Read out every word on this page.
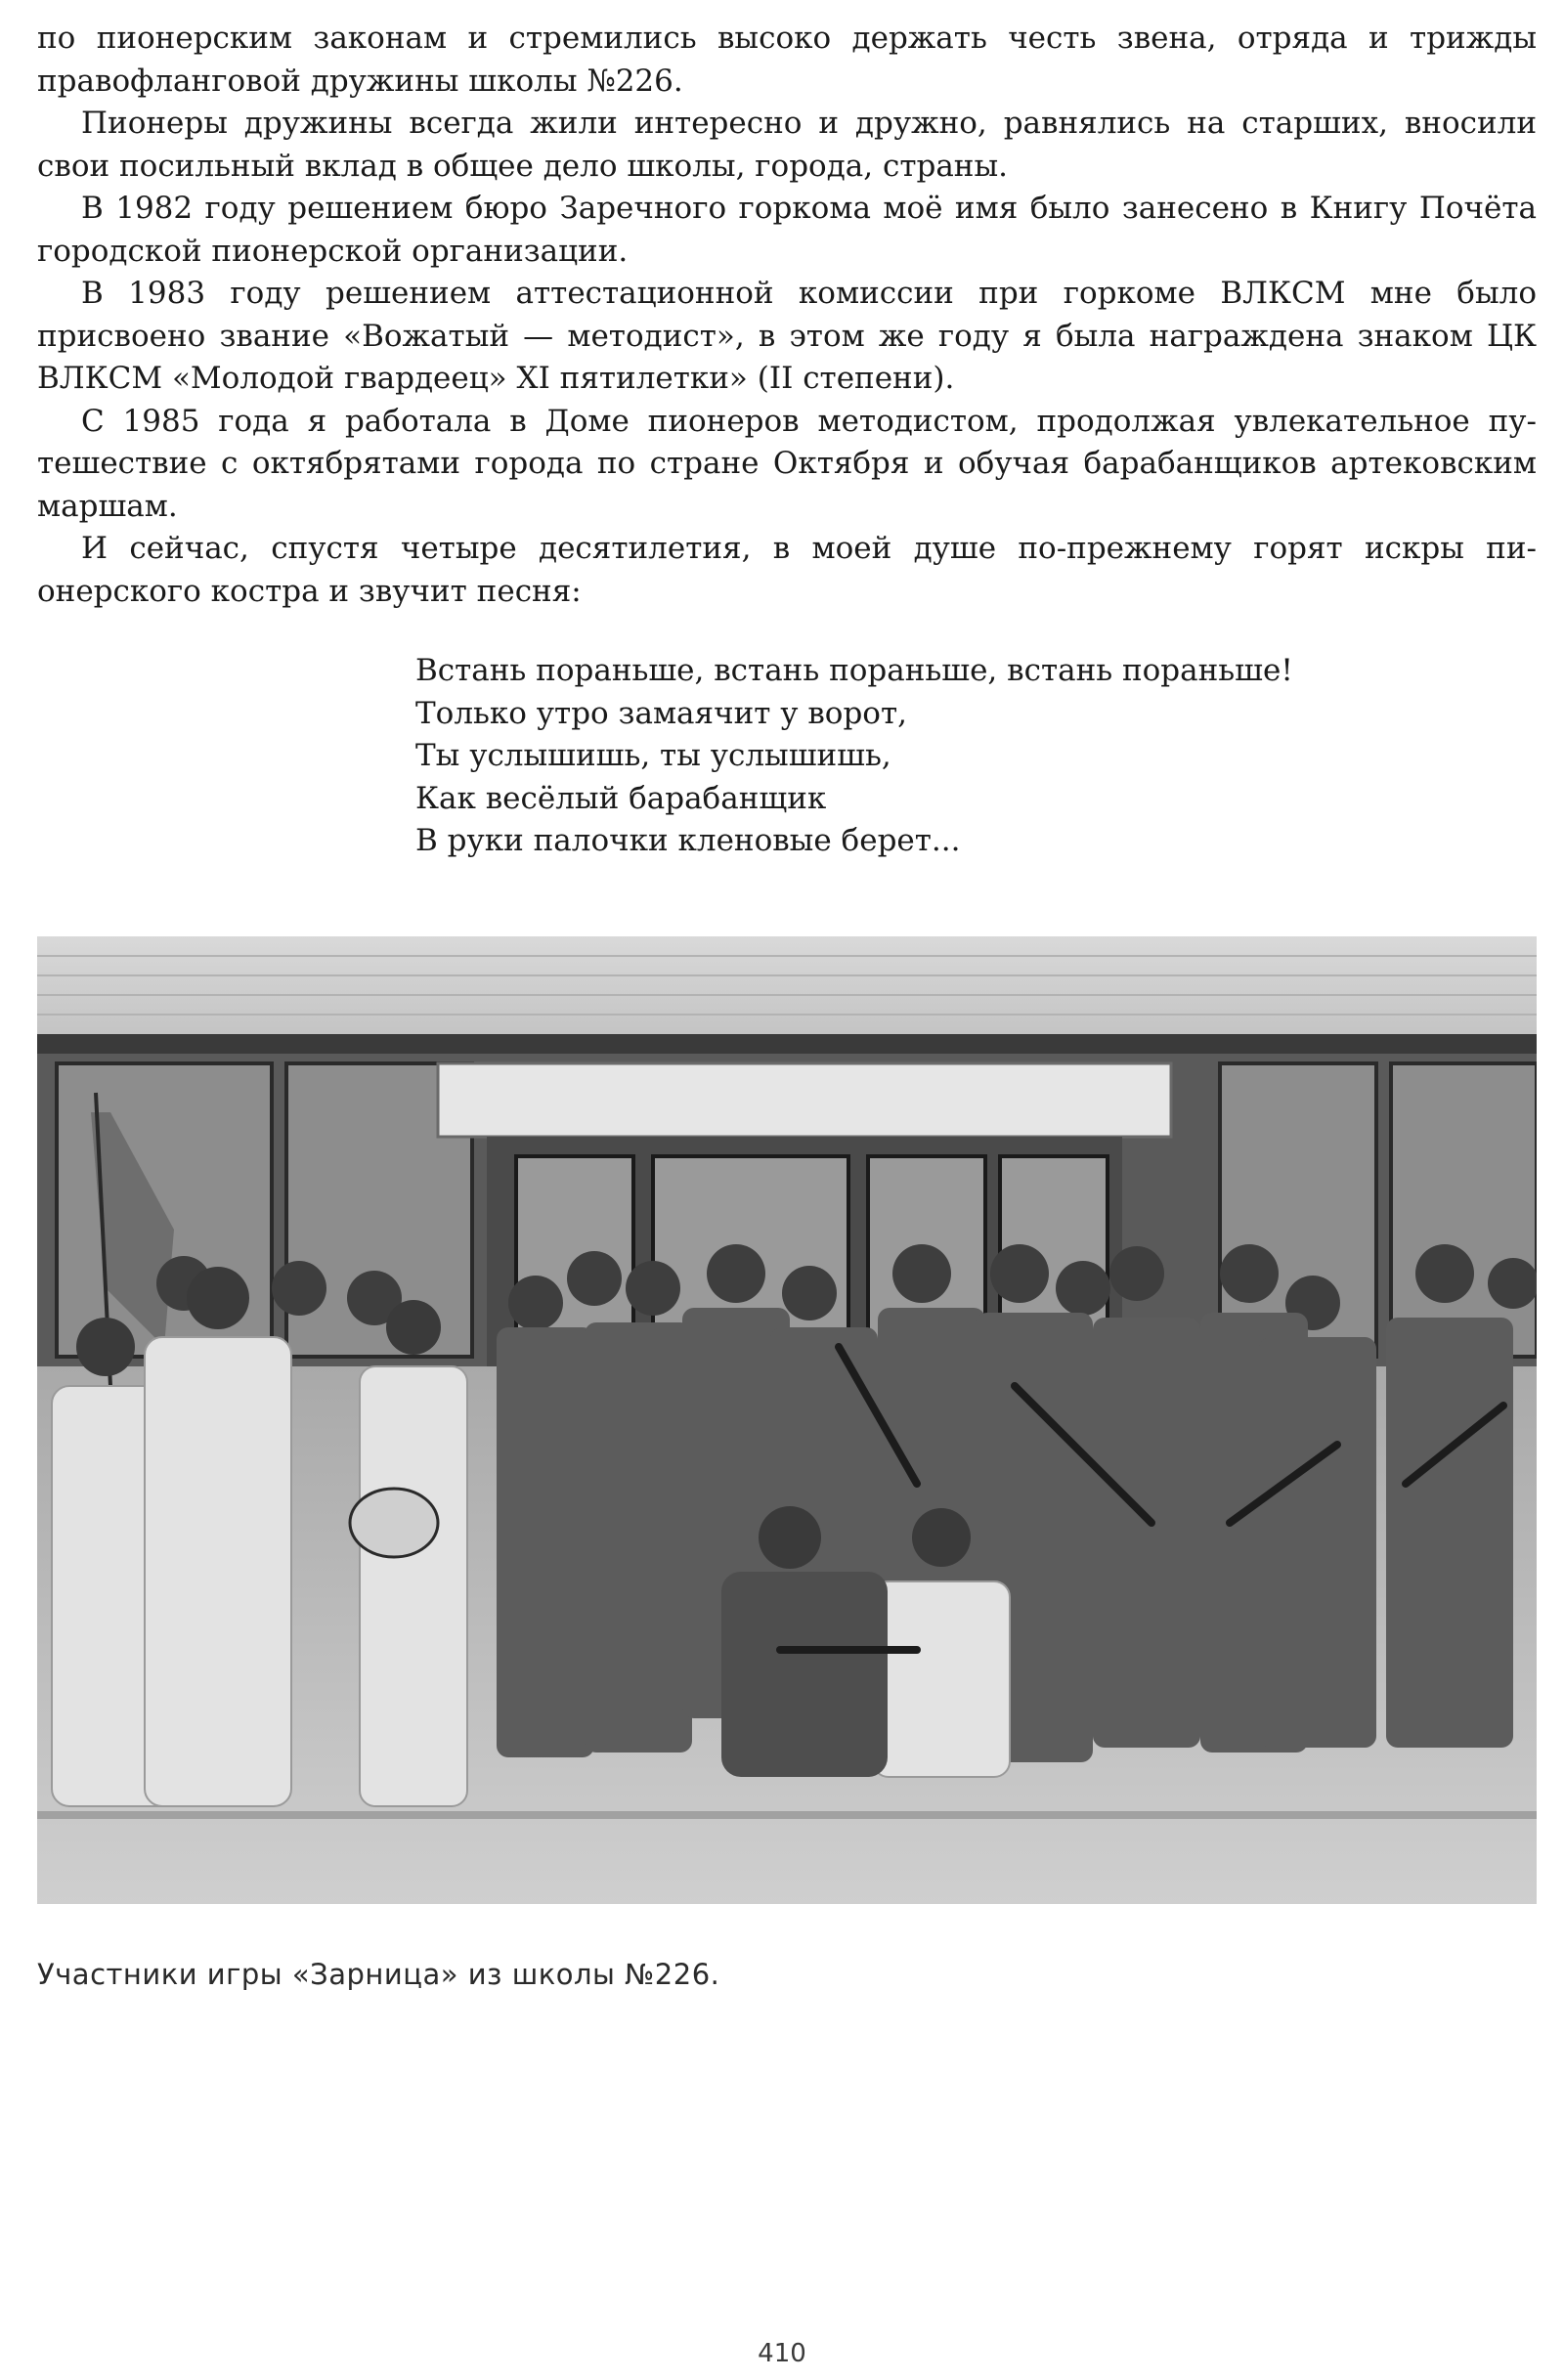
по пионерским законам и стремились высоко держать честь звена, отряда и трижды правофланговой дружины школы №226.

Пионеры дружины всегда жили интересно и дружно, равнялись на старших, вносили свои посильный вклад в общее дело школы, города, страны.

В 1982 году решением бюро Заречного горкома моё имя было занесено в Книгу Почёта городской пионерской организации.

В 1983 году решением аттестационной комиссии при горкоме ВЛКСМ мне было присвоено звание «Вожатый — методист», в этом же году я была награждена знаком ЦК ВЛКСМ «Молодой гвардеец» XI пятилетки» (II степени).

С 1985 года я работала в Доме пионеров методистом, продолжая увлекательное путешествие с октябрятами города по стране Октября и обучая барабанщиков артековским маршам.

И сейчас, спустя четыре десятилетия, в моей душе по-прежнему горят искры пионерского костра и звучит песня:

Встань пораньше, встань пораньше, встань пораньше!
Только утро замаячит у ворот,
Ты услышишь, ты услышишь,
Как весёлый барабанщик
В руки палочки кленовые берет...
Участники игры «Зарница» из школы №226.
410
